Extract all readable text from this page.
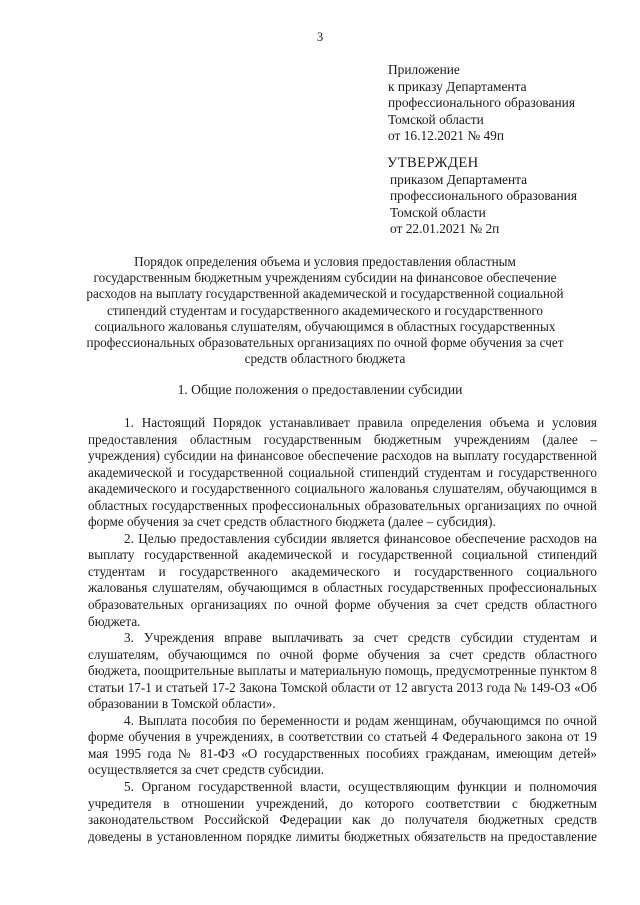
3
Приложение
к приказу Департамента
профессионального образования
Томской области
от 16.12.2021 № 49п
УТВЕРЖДЕН
приказом Департамента
профессионального образования
Томской области
от 22.01.2021 № 2п
Порядок определения объема и условия предоставления областным
государственным бюджетным учреждениям субсидии на финансовое обеспечение
расходов на выплату государственной академической и государственной социальной
стипендий студентам и государственного академического и государственного
социального жалованья слушателям, обучающимся в областных государственных
профессиональных образовательных организациях по очной форме обучения за счет
средств областного бюджета
1. Общие положения о предоставлении субсидии

1. Настоящий Порядок устанавливает правила определения объема и условия предоставления областным государственным бюджетным учреждениям (далее – учреждения) субсидии на финансовое обеспечение расходов на выплату государственной академической и государственной социальной стипендий студентам и государственного академического и государственного социального жалованья слушателям, обучающимся в областных государственных профессиональных образовательных организациях по очной форме обучения за счет средств областного бюджета (далее – субсидия).

2. Целью предоставления субсидии является финансовое обеспечение расходов на выплату государственной академической и государственной социальной стипендий студентам и государственного академического и государственного социального жалованья слушателям, обучающимся в областных государственных профессиональных образовательных организациях по очной форме обучения за счет средств областного бюджета.

3. Учреждения вправе выплачивать за счет средств субсидии студентам и слушателям, обучающимся по очной форме обучения за счет средств областного бюджета, поощрительные выплаты и материальную помощь, предусмотренные пунктом 8 статьи 17-1 и статьей 17-2 Закона Томской области от 12 августа 2013 года № 149-ОЗ «Об образовании в Томской области».

4. Выплата пособия по беременности и родам женщинам, обучающимся по очной форме обучения в учреждениях, в соответствии со статьей 4 Федерального закона от 19 мая 1995 года № 81-ФЗ «О государственных пособиях гражданам, имеющим детей» осуществляется за счет средств субсидии.

5. Органом государственной власти, осуществляющим функции и полномочия учредителя в отношении учреждений, до которого соответствии с бюджетным законодательством Российской Федерации как до получателя бюджетных средств доведены в установленном порядке лимиты бюджетных обязательств на предоставление
